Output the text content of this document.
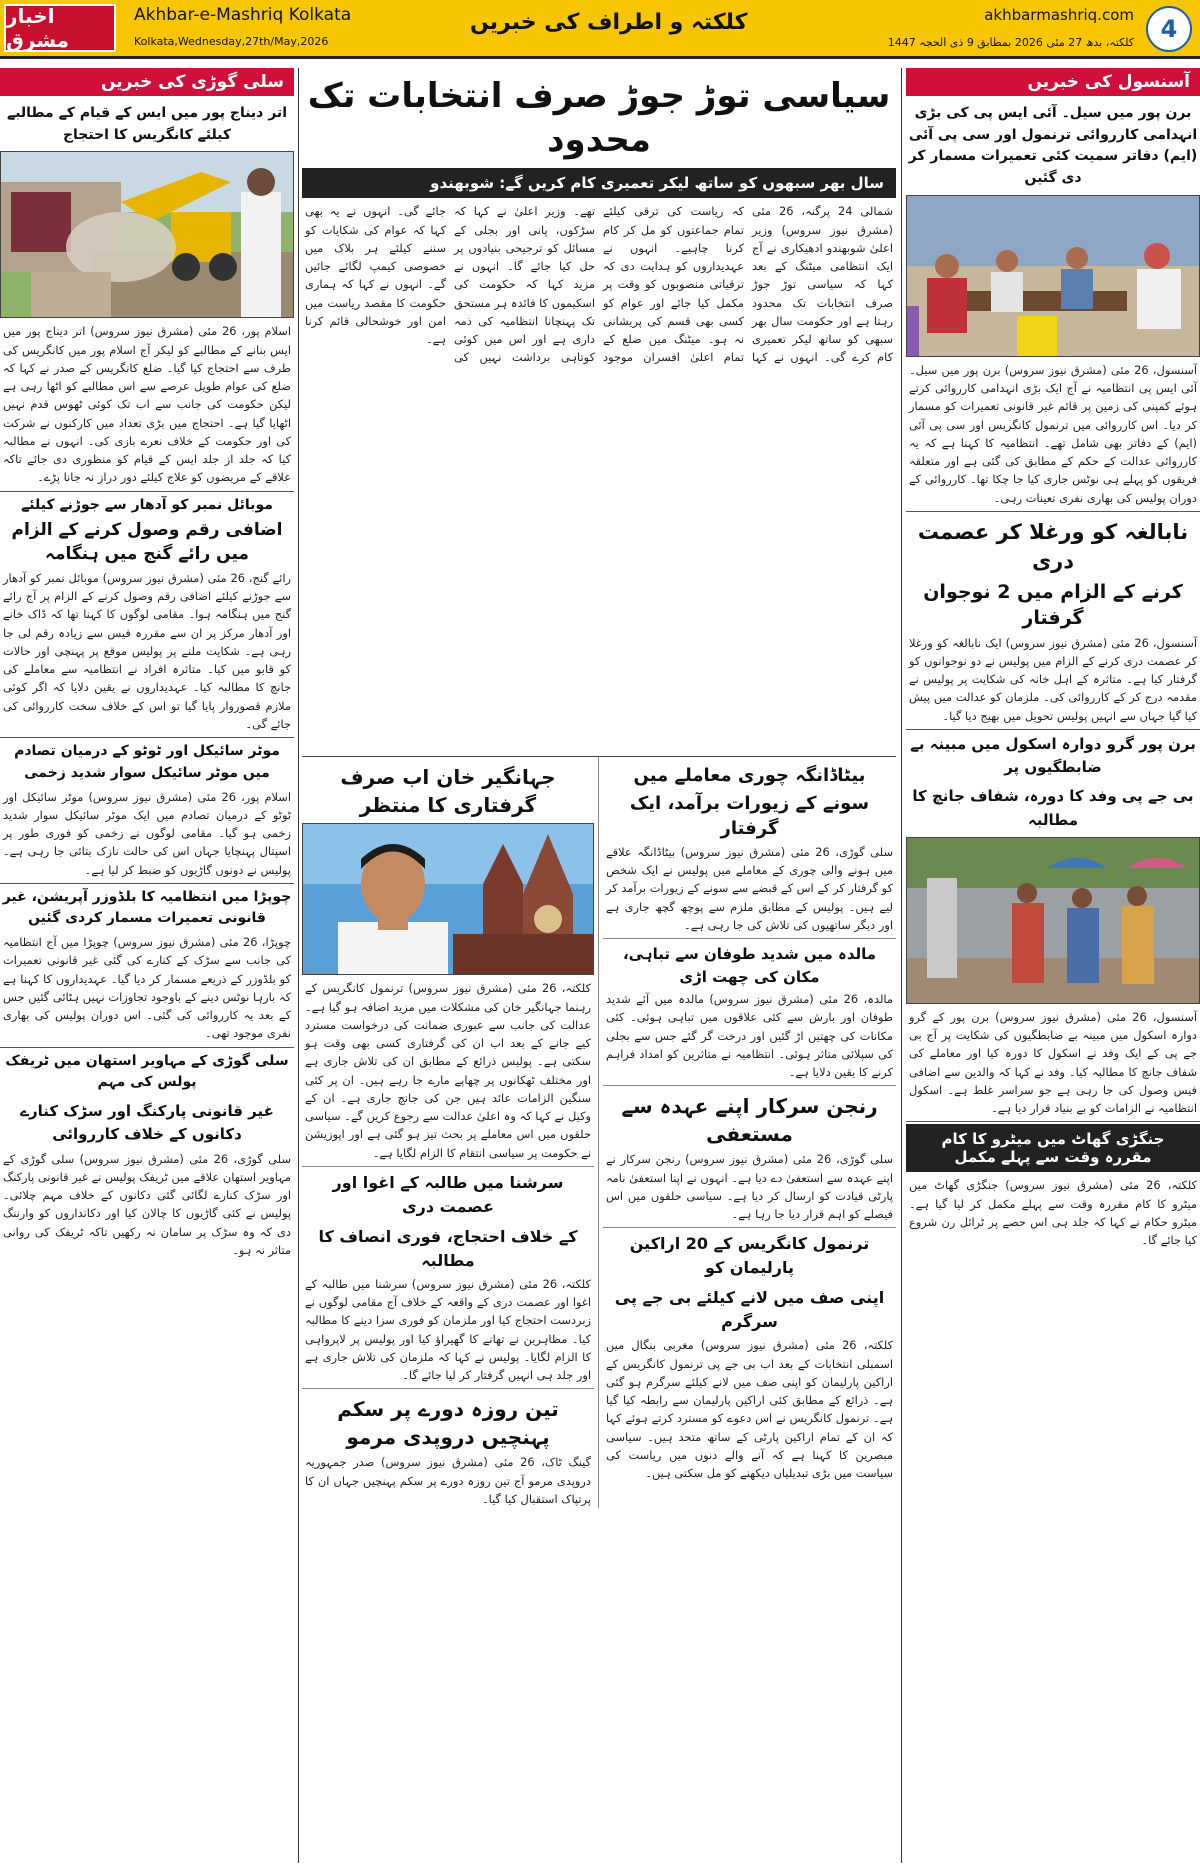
اخبار مشرق
Akhbar-e-Mashriq Kolkata
Kolkata,Wednesday,27th/May,2026
کلکتہ و اطراف کی خبریں	akhbarmashriq.com
کلکتہ، بدھ 27 مئی 2026 بمطابق 9 ذی الحجہ 1447	4
سلی گوڑی کی خبریں
اتر دیناج پور میں ایس کے قیام کے مطالبے کیلئے کانگریس کا احتجاج
اسلام پور، 26 مئی (مشرق نیوز سروس) اتر دیناج پور میں ایس بنانے کے مطالبے کو لیکر آج اسلام پور میں کانگریس کی طرف سے احتجاج کیا گیا۔ ضلع کانگریس کے صدر نے کہا کہ ضلع کی عوام طویل عرصے سے اس مطالبے کو اٹھا رہی ہے لیکن حکومت کی جانب سے اب تک کوئی ٹھوس قدم نہیں اٹھایا گیا ہے۔ احتجاج میں بڑی تعداد میں کارکنوں نے شرکت کی اور حکومت کے خلاف نعرے بازی کی۔ انہوں نے مطالبہ کیا کہ جلد از جلد ایس کے قیام کو منظوری دی جائے تاکہ علاقے کے مریضوں کو علاج کیلئے دور دراز نہ جانا پڑے۔
موبائل نمبر کو آدھار سے جوڑنے کیلئے
اضافی رقم وصول کرنے کے الزام میں رائے گنج میں ہنگامہ
رائے گنج، 26 مئی (مشرق نیوز سروس) موبائل نمبر کو آدھار سے جوڑنے کیلئے اضافی رقم وصول کرنے کے الزام پر آج رائے گنج میں ہنگامہ ہوا۔ مقامی لوگوں کا کہنا تھا کہ ڈاک خانے اور آدھار مرکز پر ان سے مقررہ فیس سے زیادہ رقم لی جا رہی ہے۔ شکایت ملنے پر پولیس موقع پر پہنچی اور حالات کو قابو میں کیا۔ متاثرہ افراد نے انتظامیہ سے معاملے کی جانچ کا مطالبہ کیا۔ عہدیداروں نے یقین دلایا کہ اگر کوئی ملازم قصوروار پایا گیا تو اس کے خلاف سخت کارروائی کی جائے گی۔
موٹر سائیکل اور ٹوٹو کے درمیان تصادم میں موٹر سائیکل سوار شدید زخمی
اسلام پور، 26 مئی (مشرق نیوز سروس) موٹر سائیکل اور ٹوٹو کے درمیان تصادم میں ایک موٹر سائیکل سوار شدید زخمی ہو گیا۔ مقامی لوگوں نے زخمی کو فوری طور پر اسپتال پہنچایا جہاں اس کی حالت نازک بتائی جا رہی ہے۔ پولیس نے دونوں گاڑیوں کو ضبط کر لیا ہے۔
چوپڑا میں انتظامیہ کا بلڈوزر آپریشن، غیر قانونی تعمیرات مسمار کردی گئیں
چوپڑا، 26 مئی (مشرق نیوز سروس) چوپڑا میں آج انتظامیہ کی جانب سے سڑک کے کنارے کی گئی غیر قانونی تعمیرات کو بلڈوزر کے ذریعے مسمار کر دیا گیا۔ عہدیداروں کا کہنا ہے کہ بارہا نوٹس دینے کے باوجود تجاوزات نہیں ہٹائی گئیں جس کے بعد یہ کارروائی کی گئی۔ اس دوران پولیس کی بھاری نفری موجود تھی۔
سلی گوڑی کے مہاویر استھان میں ٹریفک پولس کی مہم
غیر قانونی پارکنگ اور سڑک کنارے دکانوں کے خلاف کارروائی
سلی گوڑی، 26 مئی (مشرق نیوز سروس) سلی گوڑی کے مہاویر استھان علاقے میں ٹریفک پولیس نے غیر قانونی پارکنگ اور سڑک کنارے لگائی گئی دکانوں کے خلاف مہم چلائی۔ پولیس نے کئی گاڑیوں کا چالان کیا اور دکانداروں کو وارننگ دی کہ وہ سڑک پر سامان نہ رکھیں تاکہ ٹریفک کی روانی متاثر نہ ہو۔
سیاسی توڑ جوڑ صرف انتخابات تک محدود
سال بھر سبھوں کو ساتھ لیکر تعمیری کام کریں گے: شوبھندو
شمالی 24 پرگنہ، 26 مئی (مشرق نیوز سروس) وزیر اعلیٰ شوبھندو ادھیکاری نے آج ایک انتظامی میٹنگ کے بعد کہا کہ سیاسی توڑ جوڑ صرف انتخابات تک محدود رہتا ہے اور حکومت سال بھر سبھی کو ساتھ لیکر تعمیری کام کرے گی۔ انہوں نے کہا کہ ریاست کی ترقی کیلئے تمام جماعتوں کو مل کر کام کرنا چاہیے۔ انہوں نے عہدیداروں کو ہدایت دی کہ ترقیاتی منصوبوں کو وقت پر مکمل کیا جائے اور عوام کو کسی بھی قسم کی پریشانی نہ ہو۔ میٹنگ میں ضلع کے تمام اعلیٰ افسران موجود تھے۔ وزیر اعلیٰ نے کہا کہ سڑکوں، پانی اور بجلی کے مسائل کو ترجیحی بنیادوں پر حل کیا جائے گا۔ انہوں نے مزید کہا کہ حکومت کی اسکیموں کا فائدہ ہر مستحق تک پہنچانا انتظامیہ کی ذمہ داری ہے اور اس میں کوئی کوتاہی برداشت نہیں کی جائے گی۔ انہوں نے یہ بھی کہا کہ عوام کی شکایات کو سننے کیلئے ہر بلاک میں خصوصی کیمپ لگائے جائیں گے۔ انہوں نے کہا کہ ہماری حکومت کا مقصد ریاست میں امن اور خوشحالی قائم کرنا ہے۔
بیٹاڈانگہ چوری معاملے میں
سونے کے زیورات برآمد، ایک گرفتار
سلی گوڑی، 26 مئی (مشرق نیوز سروس) بیٹاڈانگہ علاقے میں ہونے والی چوری کے معاملے میں پولیس نے ایک شخص کو گرفتار کر کے اس کے قبضے سے سونے کے زیورات برآمد کر لیے ہیں۔ پولیس کے مطابق ملزم سے پوچھ گچھ جاری ہے اور دیگر ساتھیوں کی تلاش کی جا رہی ہے۔
مالدہ میں شدید طوفان سے تباہی، مکان کی چھت اڑی
مالدہ، 26 مئی (مشرق نیوز سروس) مالدہ میں آئے شدید طوفان اور بارش سے کئی علاقوں میں تباہی ہوئی۔ کئی مکانات کی چھتیں اڑ گئیں اور درخت گر گئے جس سے بجلی کی سپلائی متاثر ہوئی۔ انتظامیہ نے متاثرین کو امداد فراہم کرنے کا یقین دلایا ہے۔
رنجن سرکار اپنے عہدہ سے مستعفی
سلی گوڑی، 26 مئی (مشرق نیوز سروس) رنجن سرکار نے اپنے عہدہ سے استعفیٰ دے دیا ہے۔ انہوں نے اپنا استعفیٰ نامہ پارٹی قیادت کو ارسال کر دیا ہے۔ سیاسی حلقوں میں اس فیصلے کو اہم قرار دیا جا رہا ہے۔
ترنمول کانگریس کے 20 اراکین پارلیمان کو
اپنی صف میں لانے کیلئے بی جے پی سرگرم
کلکتہ، 26 مئی (مشرق نیوز سروس) مغربی بنگال میں اسمبلی انتخابات کے بعد اب بی جے پی ترنمول کانگریس کے اراکین پارلیمان کو اپنی صف میں لانے کیلئے سرگرم ہو گئی ہے۔ ذرائع کے مطابق کئی اراکین پارلیمان سے رابطہ کیا گیا ہے۔ ترنمول کانگریس نے اس دعوے کو مسترد کرتے ہوئے کہا کہ ان کے تمام اراکین پارٹی کے ساتھ متحد ہیں۔ سیاسی مبصرین کا کہنا ہے کہ آنے والے دنوں میں ریاست کی سیاست میں بڑی تبدیلیاں دیکھنے کو مل سکتی ہیں۔
جہانگیر خان اب صرف گرفتاری کا منتظر
کلکتہ، 26 مئی (مشرق نیوز سروس) ترنمول کانگریس کے رہنما جہانگیر خان کی مشکلات میں مزید اضافہ ہو گیا ہے۔ عدالت کی جانب سے عبوری ضمانت کی درخواست مسترد کیے جانے کے بعد اب ان کی گرفتاری کسی بھی وقت ہو سکتی ہے۔ پولیس ذرائع کے مطابق ان کی تلاش جاری ہے اور مختلف ٹھکانوں پر چھاپے مارے جا رہے ہیں۔ ان پر کئی سنگین الزامات عائد ہیں جن کی جانچ جاری ہے۔ ان کے وکیل نے کہا کہ وہ اعلیٰ عدالت سے رجوع کریں گے۔ سیاسی حلقوں میں اس معاملے پر بحث تیز ہو گئی ہے اور اپوزیشن نے حکومت پر سیاسی انتقام کا الزام لگایا ہے۔
سرشنا میں طالبہ کے اغوا اور عصمت دری
کے خلاف احتجاج، فوری انصاف کا مطالبہ
کلکتہ، 26 مئی (مشرق نیوز سروس) سرشنا میں طالبہ کے اغوا اور عصمت دری کے واقعہ کے خلاف آج مقامی لوگوں نے زبردست احتجاج کیا اور ملزمان کو فوری سزا دینے کا مطالبہ کیا۔ مظاہرین نے تھانے کا گھیراؤ کیا اور پولیس پر لاپرواہی کا الزام لگایا۔ پولیس نے کہا کہ ملزمان کی تلاش جاری ہے اور جلد ہی انہیں گرفتار کر لیا جائے گا۔
تین روزہ دورے پر سکم پہنچیں دروپدی مرمو
گینگ ٹاک، 26 مئی (مشرق نیوز سروس) صدر جمہوریہ دروپدی مرمو آج تین روزہ دورے پر سکم پہنچیں جہاں ان کا پرتپاک استقبال کیا گیا۔
آسنسول کی خبریں
برن پور میں سیل۔ آئی ایس پی کی بڑی انہدامی کارروائی ترنمول اور سی پی آئی (ایم) دفاتر سمیت کئی تعمیرات مسمار کر دی گئیں
آسنسول، 26 مئی (مشرق نیوز سروس) برن پور میں سیل۔ آئی ایس پی انتظامیہ نے آج ایک بڑی انہدامی کارروائی کرتے ہوئے کمپنی کی زمین پر قائم غیر قانونی تعمیرات کو مسمار کر دیا۔ اس کارروائی میں ترنمول کانگریس اور سی پی آئی (ایم) کے دفاتر بھی شامل تھے۔ انتظامیہ کا کہنا ہے کہ یہ کارروائی عدالت کے حکم کے مطابق کی گئی ہے اور متعلقہ فریقوں کو پہلے ہی نوٹس جاری کیا جا چکا تھا۔ کارروائی کے دوران پولیس کی بھاری نفری تعینات رہی۔
نابالغہ کو ورغلا کر عصمت دری
کرنے کے الزام میں 2 نوجوان گرفتار
آسنسول، 26 مئی (مشرق نیوز سروس) ایک نابالغہ کو ورغلا کر عصمت دری کرنے کے الزام میں پولیس نے دو نوجوانوں کو گرفتار کیا ہے۔ متاثرہ کے اہل خانہ کی شکایت پر پولیس نے مقدمہ درج کر کے کارروائی کی۔ ملزمان کو عدالت میں پیش کیا گیا جہاں سے انہیں پولیس تحویل میں بھیج دیا گیا۔
برن پور گرو دوارہ اسکول میں مبینہ بے ضابطگیوں پر
بی جے پی وفد کا دورہ، شفاف جانچ کا مطالبہ
آسنسول، 26 مئی (مشرق نیوز سروس) برن پور کے گرو دوارہ اسکول میں مبینہ بے ضابطگیوں کی شکایت پر آج بی جے پی کے ایک وفد نے اسکول کا دورہ کیا اور معاملے کی شفاف جانچ کا مطالبہ کیا۔ وفد نے کہا کہ والدین سے اضافی فیس وصول کی جا رہی ہے جو سراسر غلط ہے۔ اسکول انتظامیہ نے الزامات کو بے بنیاد قرار دیا ہے۔
جنگڑی گھاٹ میں میٹرو کا کام مقررہ وقت سے پہلے مکمل
کلکتہ، 26 مئی (مشرق نیوز سروس) جنگڑی گھاٹ میں میٹرو کا کام مقررہ وقت سے پہلے مکمل کر لیا گیا ہے۔ میٹرو حکام نے کہا کہ جلد ہی اس حصے پر ٹرائل رن شروع کیا جائے گا۔
